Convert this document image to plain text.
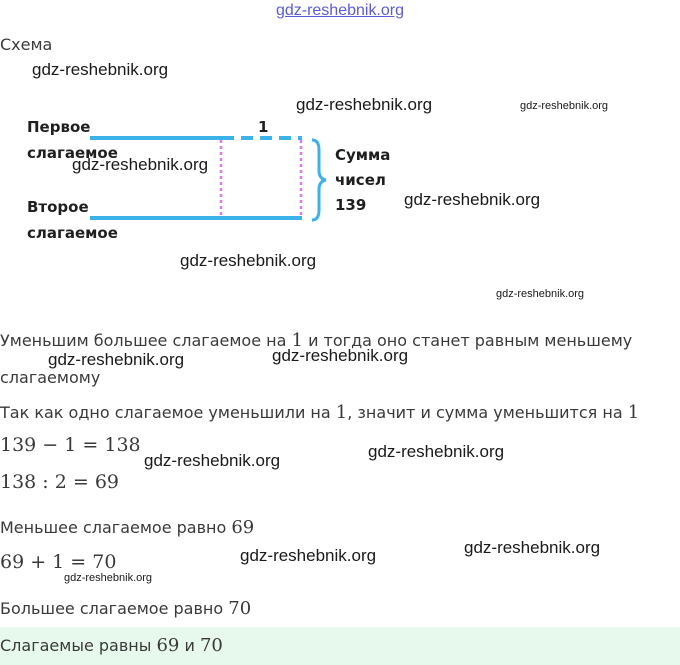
gdz-reshebnik.org
Схема
Первое
слагаемое
Второе
слагаемое
1
Сумма
чисел
139
Уменьшим большее слагаемое на 1 и тогда оно станет равным меньшему
слагаемому
Так как одно слагаемое уменьшили на 1, значит и сумма уменьшится на 1
139 − 1 = 138
138 : 2 = 69
Меньшее слагаемое равно 69
69 + 1 = 70
Большее слагаемое равно 70
Слагаемые равны 69 и 70
gdz-reshebnik.org
gdz-reshebnik.org	gdz-reshebnik.org
gdz-reshebnik.org
gdz-reshebnik.org
gdz-reshebnik.org
gdz-reshebnik.org
gdz-reshebnik.org	gdz-reshebnik.org
gdz-reshebnik.org	gdz-reshebnik.org
gdz-reshebnik.org	gdz-reshebnik.org
gdz-reshebnik.org
